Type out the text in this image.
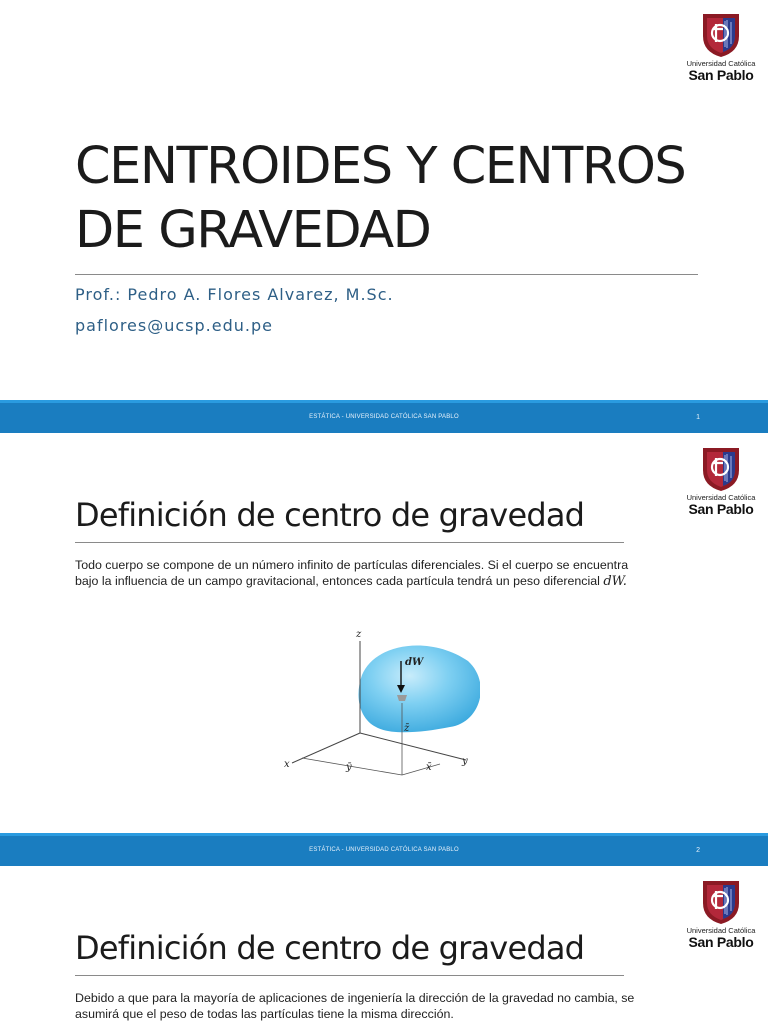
Universidad Católica
San Pablo
CENTROIDES Y CENTROS
DE GRAVEDAD
Prof.: Pedro A. Flores Alvarez, M.Sc.
paflores@ucsp.edu.pe
ESTÁTICA - UNIVERSIDAD CATÓLICA SAN PABLO	1
Universidad Católica
San Pablo
Definición de centro de gravedad
Todo cuerpo se compone de un número infinito de partículas diferenciales. Si el cuerpo se encuentra
bajo la influencia de un campo gravitacional, entonces cada partícula tendrá un peso diferencial dW.
z
x	y
dW
z̄
ȳ	x̄
ESTÁTICA - UNIVERSIDAD CATÓLICA SAN PABLO	2
Universidad Católica
San Pablo
Definición de centro de gravedad
Debido a que para la mayoría de aplicaciones de ingeniería la dirección de la gravedad no cambia, se
asumirá que el peso de todas las partículas tiene la misma dirección.
